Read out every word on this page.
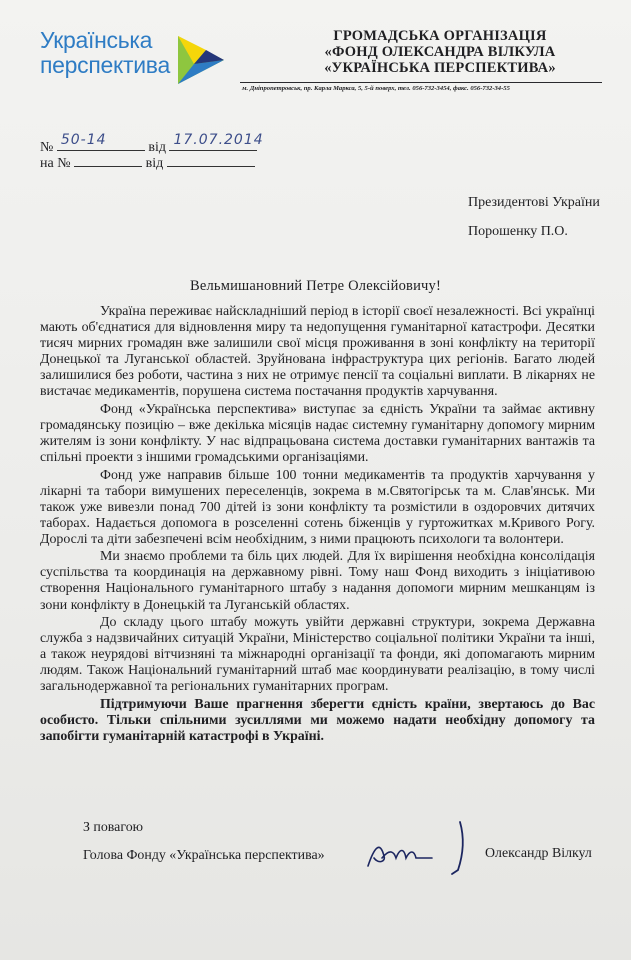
Українська
перспектива
ГРОМАДСЬКА ОРГАНІЗАЦІЯ
«ФОНД ОЛЕКСАНДРА ВІЛКУЛА
«УКРАЇНСЬКА ПЕРСПЕКТИВА»
м. Дніпропетровськ, пр. Карла Маркса, 5, 5-й поверх, тел. 056-732-3454, факс. 056-732-34-55
№ 50-14	від 17.07.2014
на №	від
Президентові України
Порошенку П.О.
Вельмишановний Петре Олексійовичу!

Україна переживає найскладніший період в історії своєї незалежності. Всі українці мають об'єднатися для відновлення миру та недопущення гуманітарної катастрофи. Десятки тисяч мирних громадян вже залишили свої місця проживання в зоні конфлікту на території Донецької та Луганської областей. Зруйнована інфраструктура цих регіонів. Багато людей залишилися без роботи, частина з них не отримує пенсії та соціальні виплати. В лікарнях не вистачає медикаментів, порушена система постачання продуктів харчування.

Фонд «Українська перспектива» виступає за єдність України та займає активну громадянську позицію – вже декілька місяців надає системну гуманітарну допомогу мирним жителям із зони конфлікту. У нас відпрацьована система доставки гуманітарних вантажів та спільні проекти з іншими громадськими організаціями.

Фонд уже направив більше 100 тонни медикаментів та продуктів харчування у лікарні та табори вимушених переселенців, зокрема в м.Святогірськ та м. Слав'янськ. Ми також уже вивезли понад 700 дітей із зони конфлікту та розмістили в оздоровчих дитячих таборах. Надається допомога в розселенні сотень біженців у гуртожитках м.Кривого Рогу. Дорослі та діти забезпечені всім необхідним, з ними працюють психологи та волонтери.

Ми знаємо проблеми та біль цих людей. Для їх вирішення необхідна консолідація суспільства та координація на державному рівні. Тому наш Фонд виходить з ініціативою створення Національного гуманітарного штабу з надання допомоги мирним мешканцям із зони конфлікту в Донецькій та Луганській областях.

До складу цього штабу можуть увійти державні структури, зокрема Державна служба з надзвичайних ситуацій України, Міністерство соціальної політики України та інші, а також неурядові вітчизняні та міжнародні організації та фонди, які допомагають мирним людям. Також Національний гуманітарний штаб має координувати реалізацію, в тому числі загальнодержавної та регіональних гуманітарних програм.

Підтримуючи Ваше прагнення зберегти єдність країни, звертаюсь до Вас особисто. Тільки спільними зусиллями ми можемо надати необхідну допомогу та запобігти гуманітарній катастрофі в Україні.

З повагою
Голова Фонду «Українська перспектива»	Олександр Вілкул
